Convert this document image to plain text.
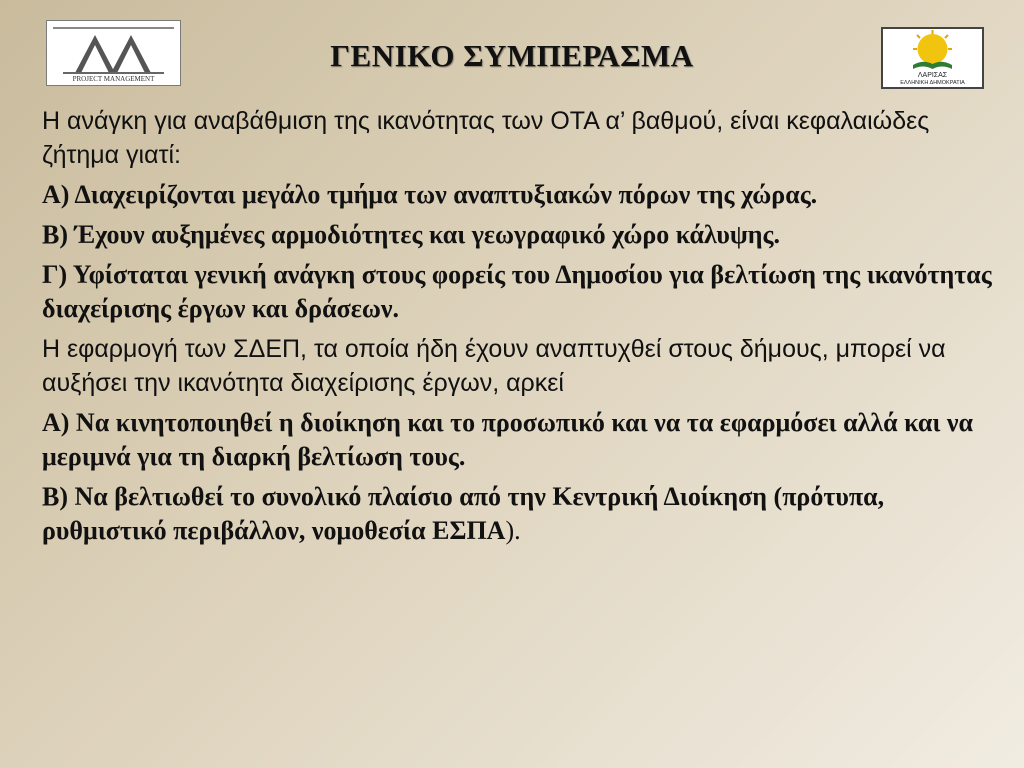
PROJECT MANAGEMENT
ΓΕΝΙΚΟ ΣΥΜΠΕΡΑΣΜΑ
ΛΑΡΙΣΑΣ
ΕΛΛΗΝΙΚΗ ΔΗΜΟΚΡΑΤΙΑ

Η ανάγκη για αναβάθμιση της ικανότητας των ΟΤΑ α’ βαθμού, είναι κεφαλαιώδες ζήτημα γιατί:

Α) Διαχειρίζονται μεγάλο τμήμα των αναπτυξιακών πόρων της χώρας.

Β) Έχουν αυξημένες αρμοδιότητες και γεωγραφικό χώρο κάλυψης.

Γ) Υφίσταται γενική ανάγκη στους φορείς του Δημοσίου για βελτίωση της ικανότητας διαχείρισης έργων και δράσεων.

Η εφαρμογή των ΣΔΕΠ, τα οποία ήδη έχουν αναπτυχθεί στους δήμους, μπορεί να αυξήσει την ικανότητα διαχείρισης έργων, αρκεί

Α) Να κινητοποιηθεί η διοίκηση και το προσωπικό και να τα εφαρμόσει αλλά και να μεριμνά για τη διαρκή βελτίωση τους.

Β) Να βελτιωθεί το συνολικό πλαίσιο από την Κεντρική Διοίκηση (πρότυπα, ρυθμιστικό περιβάλλον, νομοθεσία ΕΣΠΑ).
